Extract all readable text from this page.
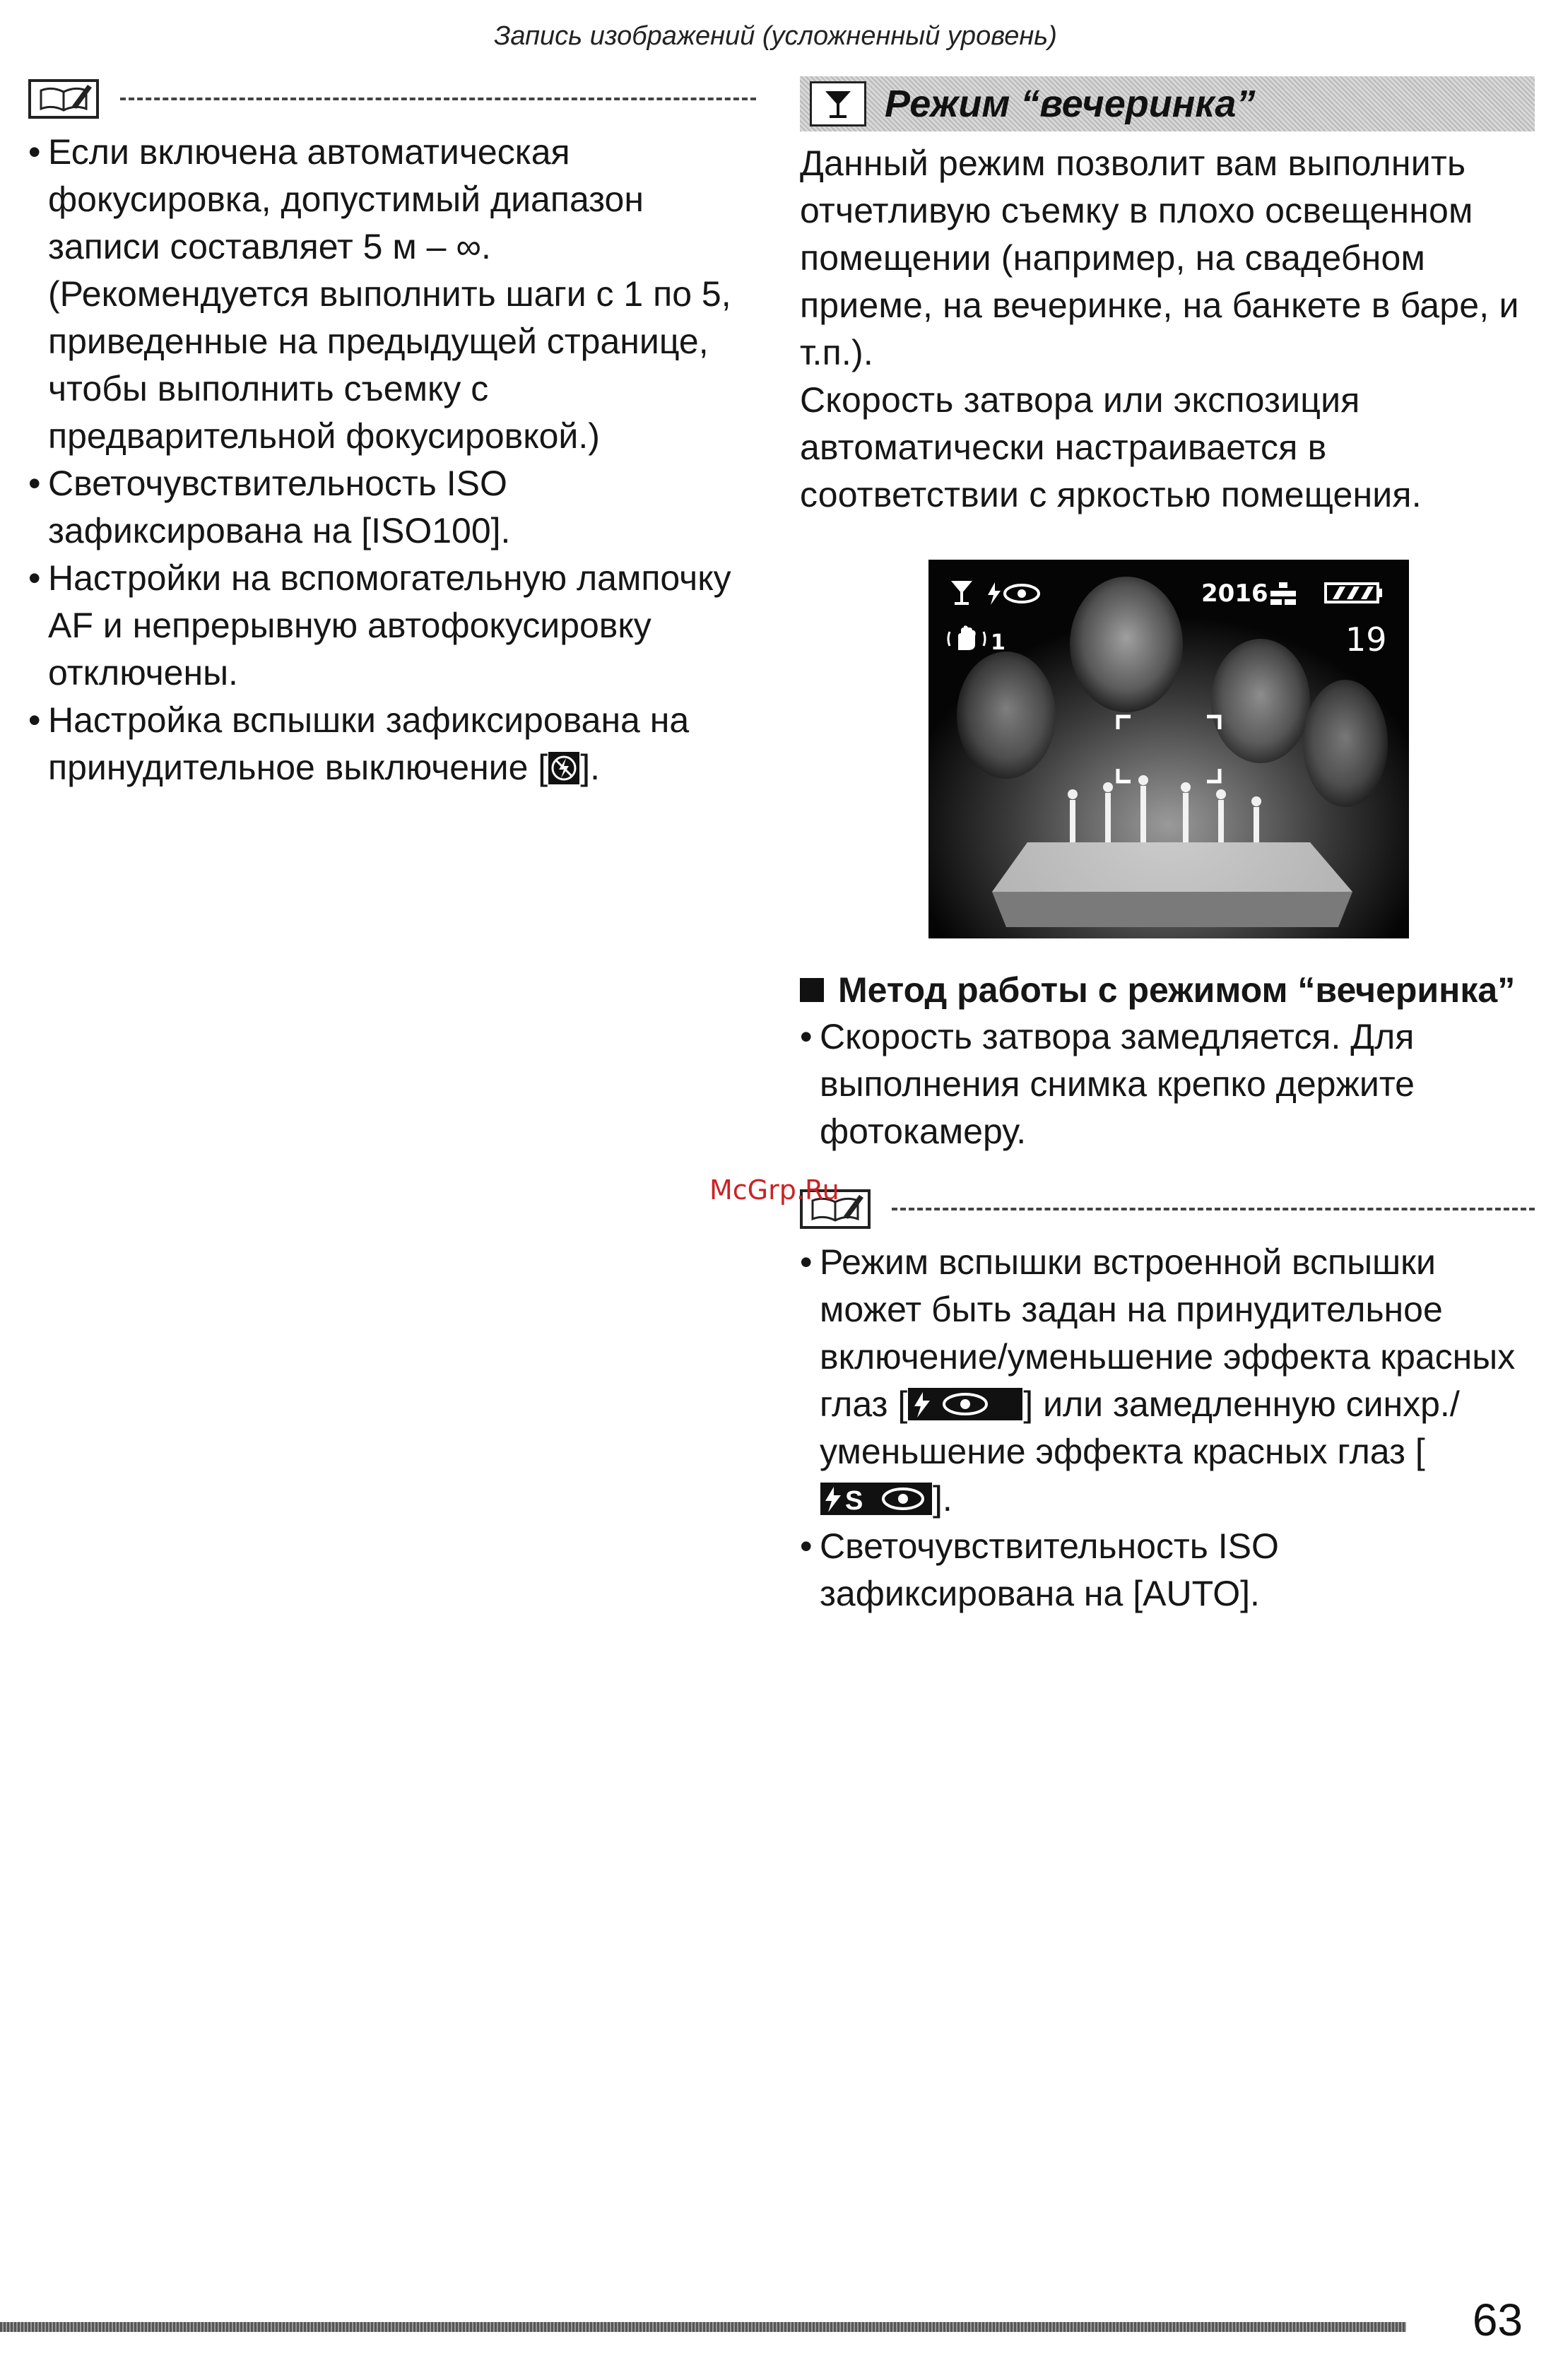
Запись изображений (усложненный уровень)
• Если включена автоматическая фокусировка, допустимый диапазон записи составляет 5 м – ∞. (Рекомендуется выполнить шаги с 1 по 5, приведенные на предыдущей странице, чтобы выполнить съемку с предварительной фокусировкой.)
• Светочувствительность ISO зафиксирована на [ISO100].
• Настройки на вспомогательную лампочку AF и непрерывную автофокусировку отключены.
• Настройка вспышки зафиксирована на принудительное выключение [ ].
Режим “вечеринка”
Данный режим позволит вам выполнить отчетливую съемку в плохо освещенном помещении (например, на свадебном приеме, на вечеринке, на банкете в баре, и т.п.).
Скорость затвора или экспозиция автоматически настраивается в соответствии с яркостью помещения.
2016
1	19
Метод работы с режимом “вечеринка”
• Скорость затвора замедляется. Для выполнения снимка крепко держите фотокамеру.
• Режим вспышки встроенной вспышки может быть задан на принудительное включение/уменьшение эффекта красных глаз [	] или замедленную синхр./уменьшение эффекта красных глаз [
S ].
• Светочувствительность ISO зафиксирована на [AUTO].
McGrp.Ru
63
